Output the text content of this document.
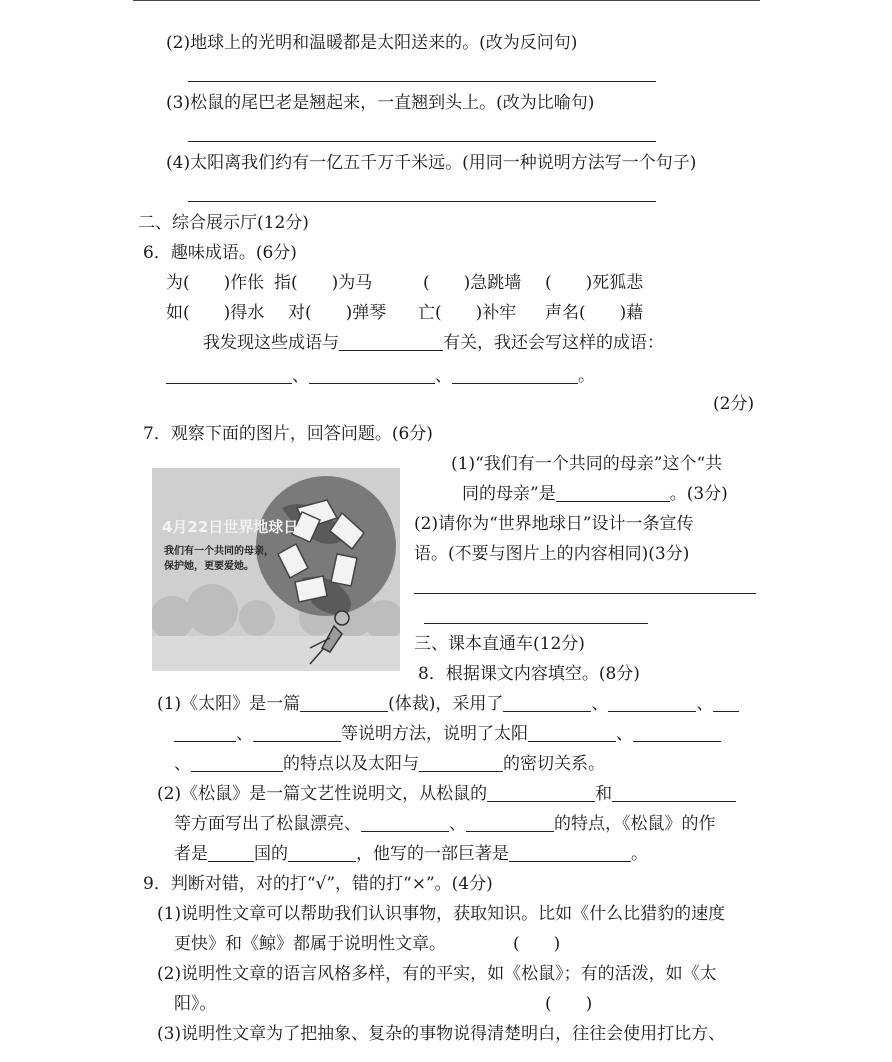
(2)地球上的光明和温暖都是太阳送来的。(改为反问句)
(3)松鼠的尾巴老是翘起来，一直翘到头上。(改为比喻句)
(4)太阳离我们约有一亿五千万千米远。(用同一种说明方法写一个句子)
二、综合展示厅(12分)
6．趣味成语。(6分)
为(　　)作伥 指(　　)为马	(　　)急跳墙 (　　)死狐悲
如(　　)得水 对(　　)弹琴 亡(　　)补牢 声名(　　)藉
我发现这些成语与	有关，我还会写这样的成语：
、	、	。
(2分)
7．观察下面的图片，回答问题。(6分)
4月22日世界地球日
我们有一个共同的母亲，
保护她，更要爱她。
(1)“我们有一个共同的母亲”这个“共
同的母亲”是	。(3分)
(2)请你为“世界地球日”设计一条宣传
语。(不要与图片上的内容相同)(3分)
三、课本直通车(12分)
8．根据课文内容填空。(8分)
(1)《太阳》是一篇	(体裁)，采用了	、	、
、	等说明方法，说明了太阳	、
、	的特点以及太阳与	的密切关系。
(2)《松鼠》是一篇文艺性说明文，从松鼠的	和
等方面写出了松鼠漂亮、	、	的特点，《松鼠》的作
者是	国的	，他写的一部巨著是	。
9．判断对错，对的打“√”，错的打“×”。(4分)
(1)说明性文章可以帮助我们认识事物，获取知识。比如《什么比猎豹的速度
更快》和《鲸》都属于说明性文章。	(　　)
(2)说明性文章的语言风格多样，有的平实，如《松鼠》；有的活泼，如《太
阳》。	(　　)
(3)说明性文章为了把抽象、复杂的事物说得清楚明白，往往会使用打比方、
